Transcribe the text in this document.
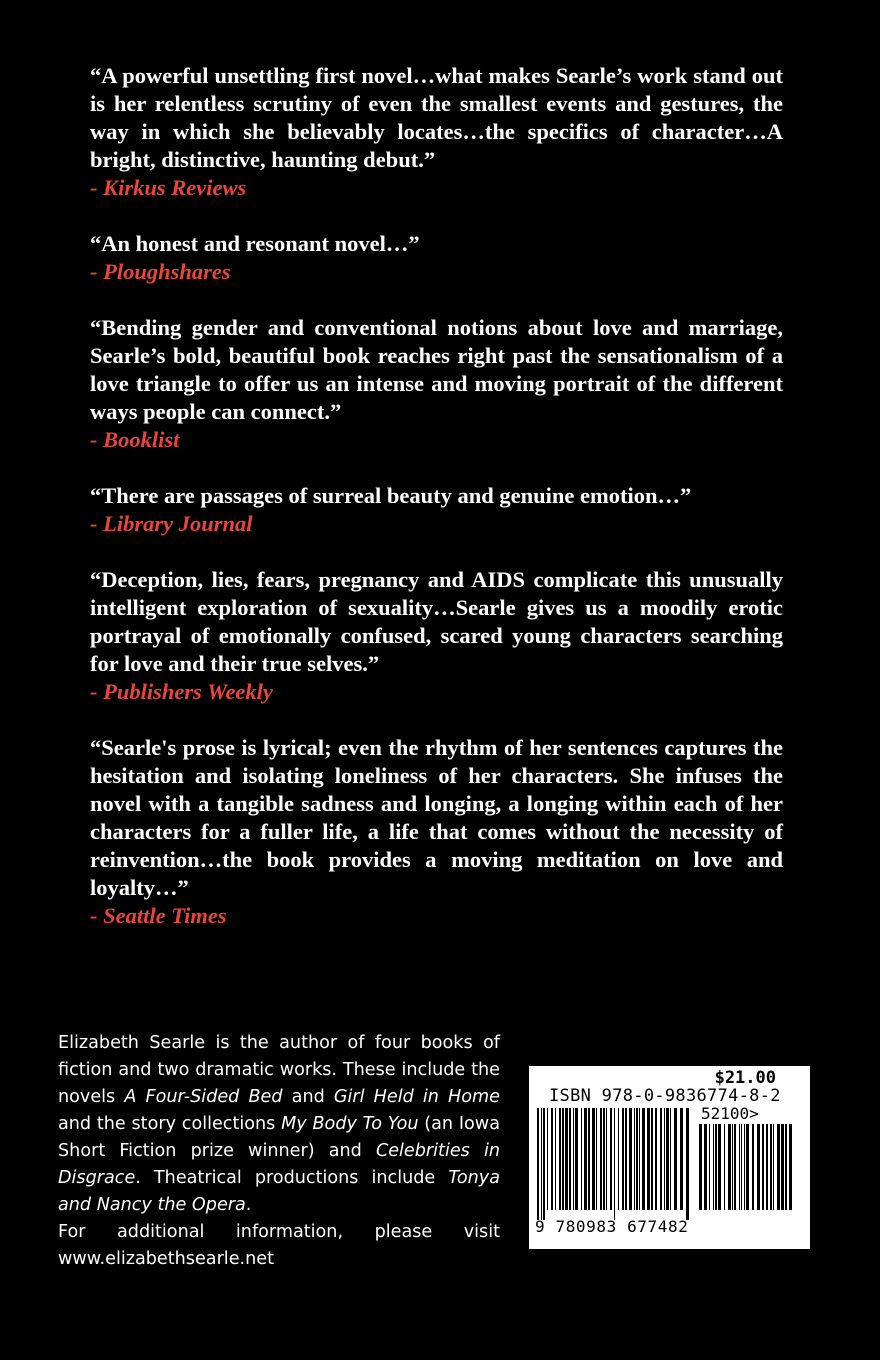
“A powerful unsettling first novel…what makes Searle’s work stand out is her relentless scrutiny of even the smallest events and gestures, the way in which she believably locates…the specifics of character…A bright, distinctive, haunting debut.”

- Kirkus Reviews

“An honest and resonant novel…”

- Ploughshares

“Bending gender and conventional notions about love and marriage, Searle’s bold, beautiful book reaches right past the sensationalism of a love triangle to offer us an intense and moving portrait of the different ways people can connect.”

- Booklist

“There are passages of surreal beauty and genuine emotion…”

- Library Journal

“Deception, lies, fears, pregnancy and AIDS complicate this unusually intelligent exploration of sexuality…Searle gives us a moodily erotic portrayal of emotionally confused, scared young characters searching for love and their true selves.”

- Publishers Weekly

“Searle's prose is lyrical; even the rhythm of her sentences captures the hesitation and isolating loneliness of her characters. She infuses the novel with a tangible sadness and longing, a longing within each of her characters for a fuller life, a life that comes without the necessity of reinvention…the book provides a moving meditation on love and loyalty…”

- Seattle Times

Elizabeth Searle is the author of four books of fiction and two dramatic works. These include the novels A Four-Sided Bed and Girl Held in Home and the story collections My Body To You (an Iowa Short Fiction prize winner) and Celebrities in Disgrace. Theatrical productions include Tonya and Nancy the Opera.

For additional information, please visit www.elizabethsearle.net

$21.00
ISBN 978-0-9836774-8-2
52100>
9 780983 677482
